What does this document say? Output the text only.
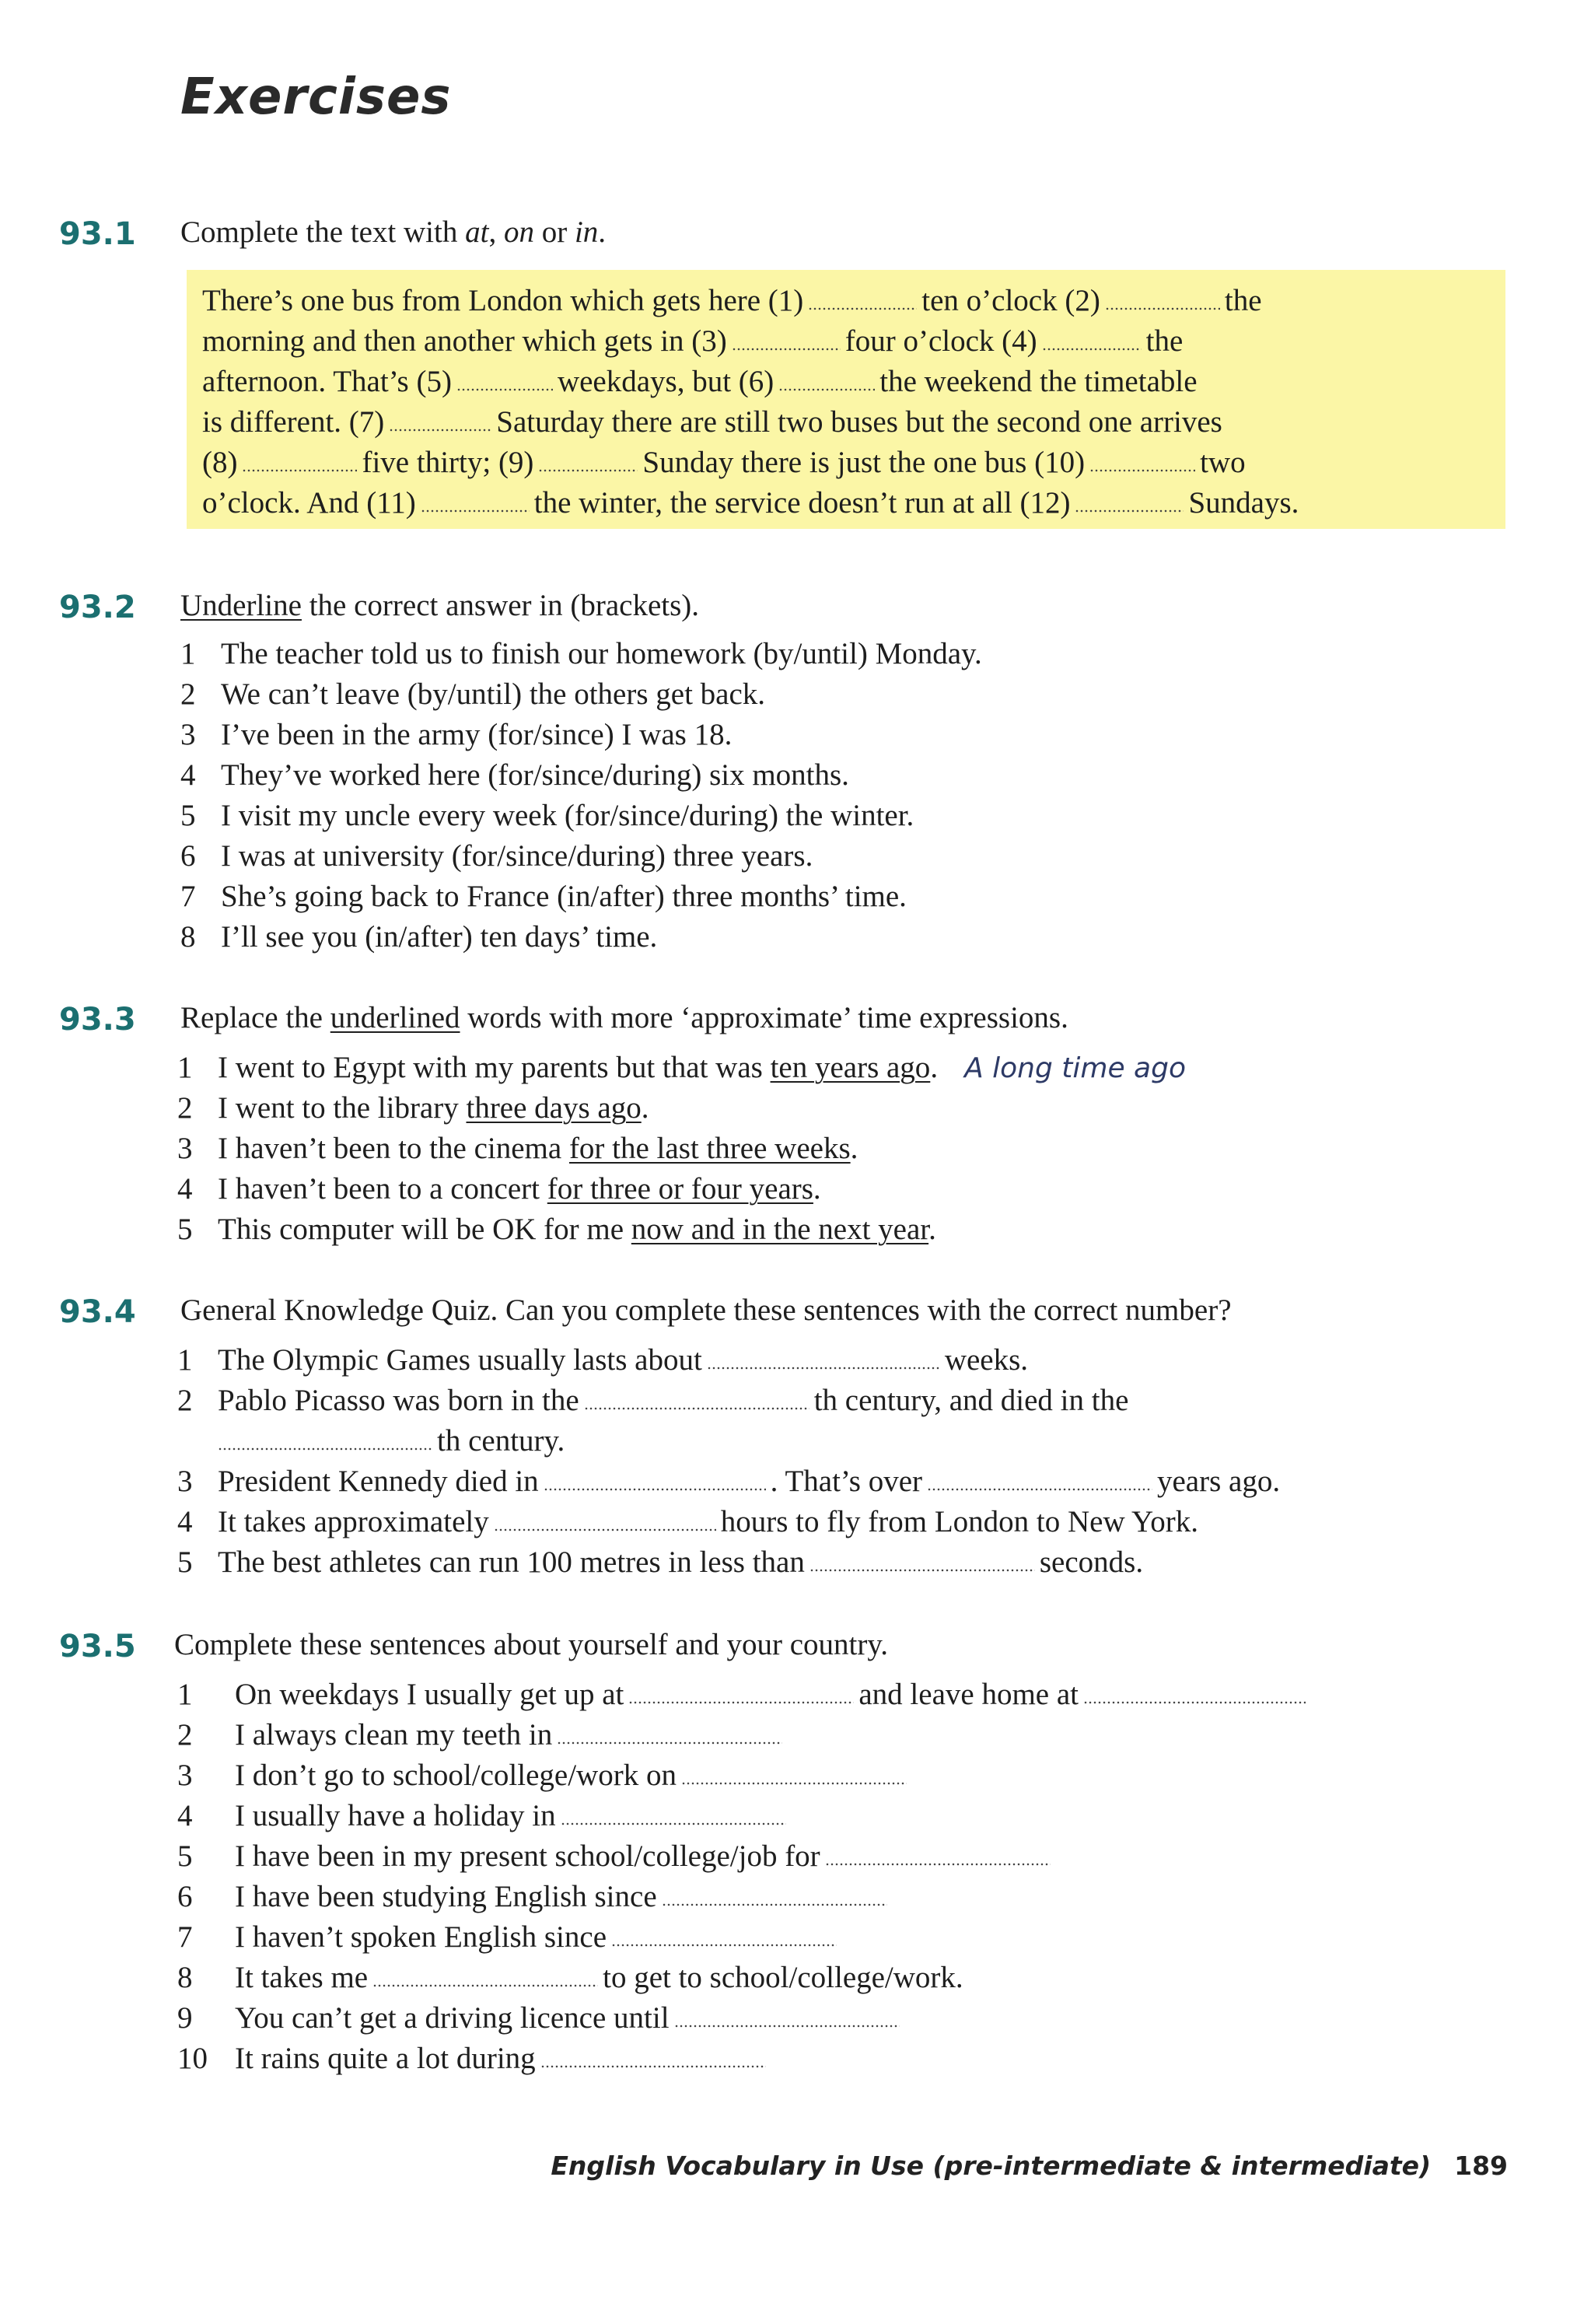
Exercises
93.1 Complete the text with at, on or in.
There’s one bus from London which gets here (1)	ten o’clock (2)	the
morning and then another which gets in (3)	four o’clock (4)	the
afternoon. That’s (5)	weekdays, but (6)	the weekend the timetable
is different. (7)	Saturday there are still two buses but the second one arrives
(8)	five thirty; (9)	Sunday there is just the one bus (10)	two
o’clock. And (11)	the winter, the service doesn’t run at all (12)	Sundays.
93.2 Underline the correct answer in (brackets).
1 The teacher told us to finish our homework (by/until) Monday.
2 We can’t leave (by/until) the others get back.
3 I’ve been in the army (for/since) I was 18.
4 They’ve worked here (for/since/during) six months.
5 I visit my uncle every week (for/since/during) the winter.
6 I was at university (for/since/during) three years.
7 She’s going back to France (in/after) three months’ time.
8 I’ll see you (in/after) ten days’ time.
93.3 Replace the underlined words with more ‘approximate’ time expressions.
1 I went to Egypt with my parents but that was ten years ago. A long time ago
2 I went to the library three days ago.
3 I haven’t been to the cinema for the last three weeks.
4 I haven’t been to a concert for three or four years.
5 This computer will be OK for me now and in the next year.
93.4 General Knowledge Quiz. Can you complete these sentences with the correct number?
1 The Olympic Games usually lasts about	weeks.
2 Pablo Picasso was born in the	th century, and died in the
th century.
3 President Kennedy died in	. That’s over	years ago.
4 It takes approximately	hours to fly from London to New York.
5 The best athletes can run 100 metres in less than	seconds.
93.5 Complete these sentences about yourself and your country.
1 On weekdays I usually get up at	and leave home at
2 I always clean my teeth in
3 I don’t go to school/college/work on
4 I usually have a holiday in
5 I have been in my present school/college/job for
6 I have been studying English since
7 I haven’t spoken English since
8 It takes me	to get to school/college/work.
9 You can’t get a driving licence until
10 It rains quite a lot during
English Vocabulary in Use (pre-intermediate & intermediate) 189
